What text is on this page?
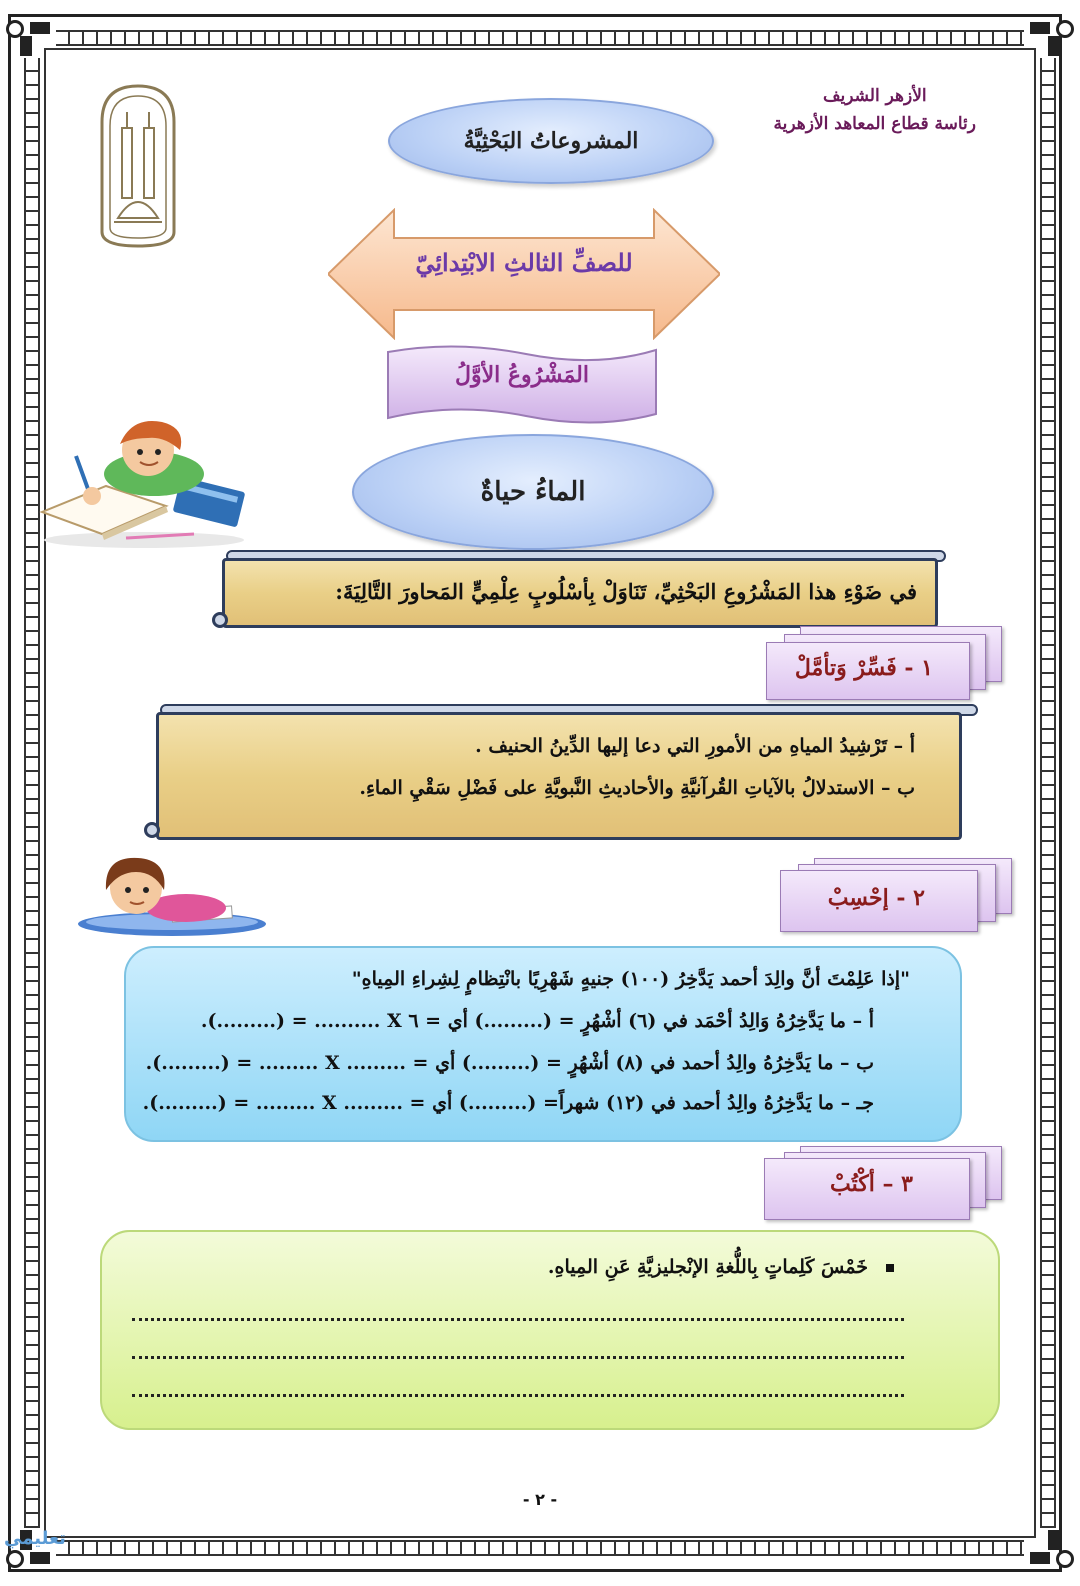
الأزهر الشريف
رئاسة قطاع المعاهد الأزهرية
المشروعاتُ البَحْثِيَّةُ
للصفِّ الثالثِ الابْتِدائِيّ
المَشْرُوعُ الأوَّلُ
الماءُ حياةٌ
في ضَوْءِ هذا المَشْرُوعِ البَحْثِيِّ، تَنَاوَلْ بِأسْلُوبٍ عِلْمِيٍّ المَحاورَ التَّالِيَةَ:
١ - فَسِّرْ وَتأمَّلْ
أ – تَرْشِيدُ المياهِ من الأمورِ التي دعا إليها الدِّينُ الحنيف .
ب – الاستدلالُ بالآياتِ القُرآنيَّةِ والأحاديثِ النَّبويَّةِ على فَضْلِ سَقْيِ الماءِ.
٢ - إحْسِبْ
"إذا عَلِمْتَ أنَّ والِدَ أحمد يَدَّخِرُ (١٠٠) جنيهٍ شَهْرِيًا بانْتِظامٍ لِشِراءِ المِياهِ"
أ – ما يَدَّخِرُهُ وَالِدُ أحْمَد في (٦) أشْهُرٍ = (.........) أي = ٦ X .......... = (.........).
ب – ما يَدَّخِرُهُ والِدُ أحمد في (٨) أشْهُرٍ = (.........) أي = ......... X ......... = (.........).
جـ – ما يَدَّخِرُهُ والِدُ أحمد في (١٢) شهراً= (.........) أي = ......... X ......... = (.........).
٣ – أكْتُبْ
خَمْسَ كَلِماتٍ بِاللُّغةِ الإنْجليزيَّةِ عَنِ المِياهِ.
- ٢ -
تعليمي
